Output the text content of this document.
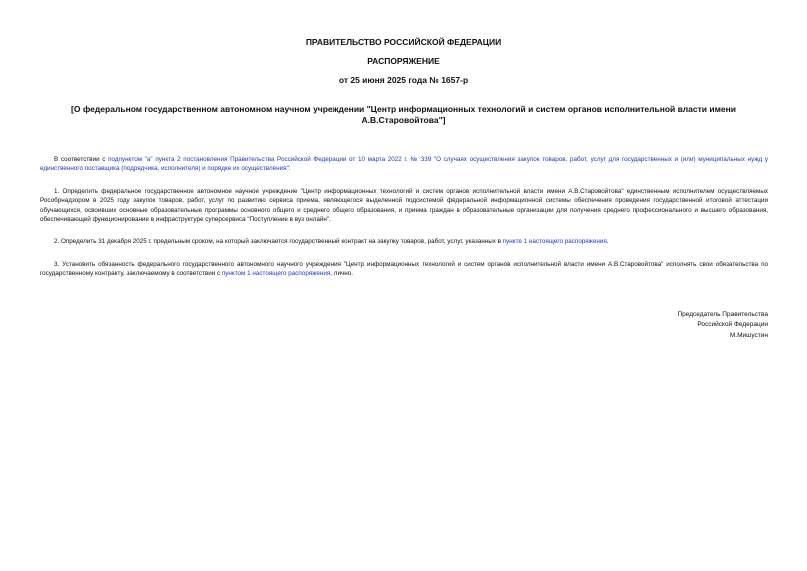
ПРАВИТЕЛЬСТВО РОССИЙСКОЙ ФЕДЕРАЦИИ
РАСПОРЯЖЕНИЕ
от 25 июня 2025 года № 1657-р
[О федеральном государственном автономном научном учреждении "Центр информационных технологий и систем органов исполнительной власти имени А.В.Старовойтова"]

В соответствии с подпунктом "а" пункта 2 постановления Правительства Российской Федерации от 10 марта 2022 г. № 339 "О случаях осуществления закупок товаров, работ, услуг для государственных и (или) муниципальных нужд у единственного поставщика (подрядчика, исполнителя) и порядке их осуществления":

1. Определить федеральное государственное автономное научное учреждение "Центр информационных технологий и систем органов исполнительной власти имени А.В.Старовойтова" единственным исполнителем осуществляемых Рособрнадзором в 2025 году закупок товаров, работ, услуг по развитию сервиса приема, являющегося выделенной подсистемой федеральной информационной системы обеспечения проведения государственной итоговой аттестации обучающихся, освоивших основные образовательные программы основного общего и среднего общего образования, и приема граждан в образовательные организации для получения среднего профессионального и высшего образования, обеспечивающей функционирование в инфраструктуре суперсервиса "Поступление в вуз онлайн".

2. Определить 31 декабря 2025 г. предельным сроком, на который заключается государственный контракт на закупку товаров, работ, услуг, указанных в пункте 1 настоящего распоряжения.

3. Установить обязанность федерального государственного автономного научного учреждения "Центр информационных технологий и систем органов исполнительной власти имени А.В.Старовойтова" исполнять свои обязательства по государственному контракту, заключаемому в соответствии с пунктом 1 настоящего распоряжения, лично.

Председатель Правительства
Российской Федерации
М.Мишустин
